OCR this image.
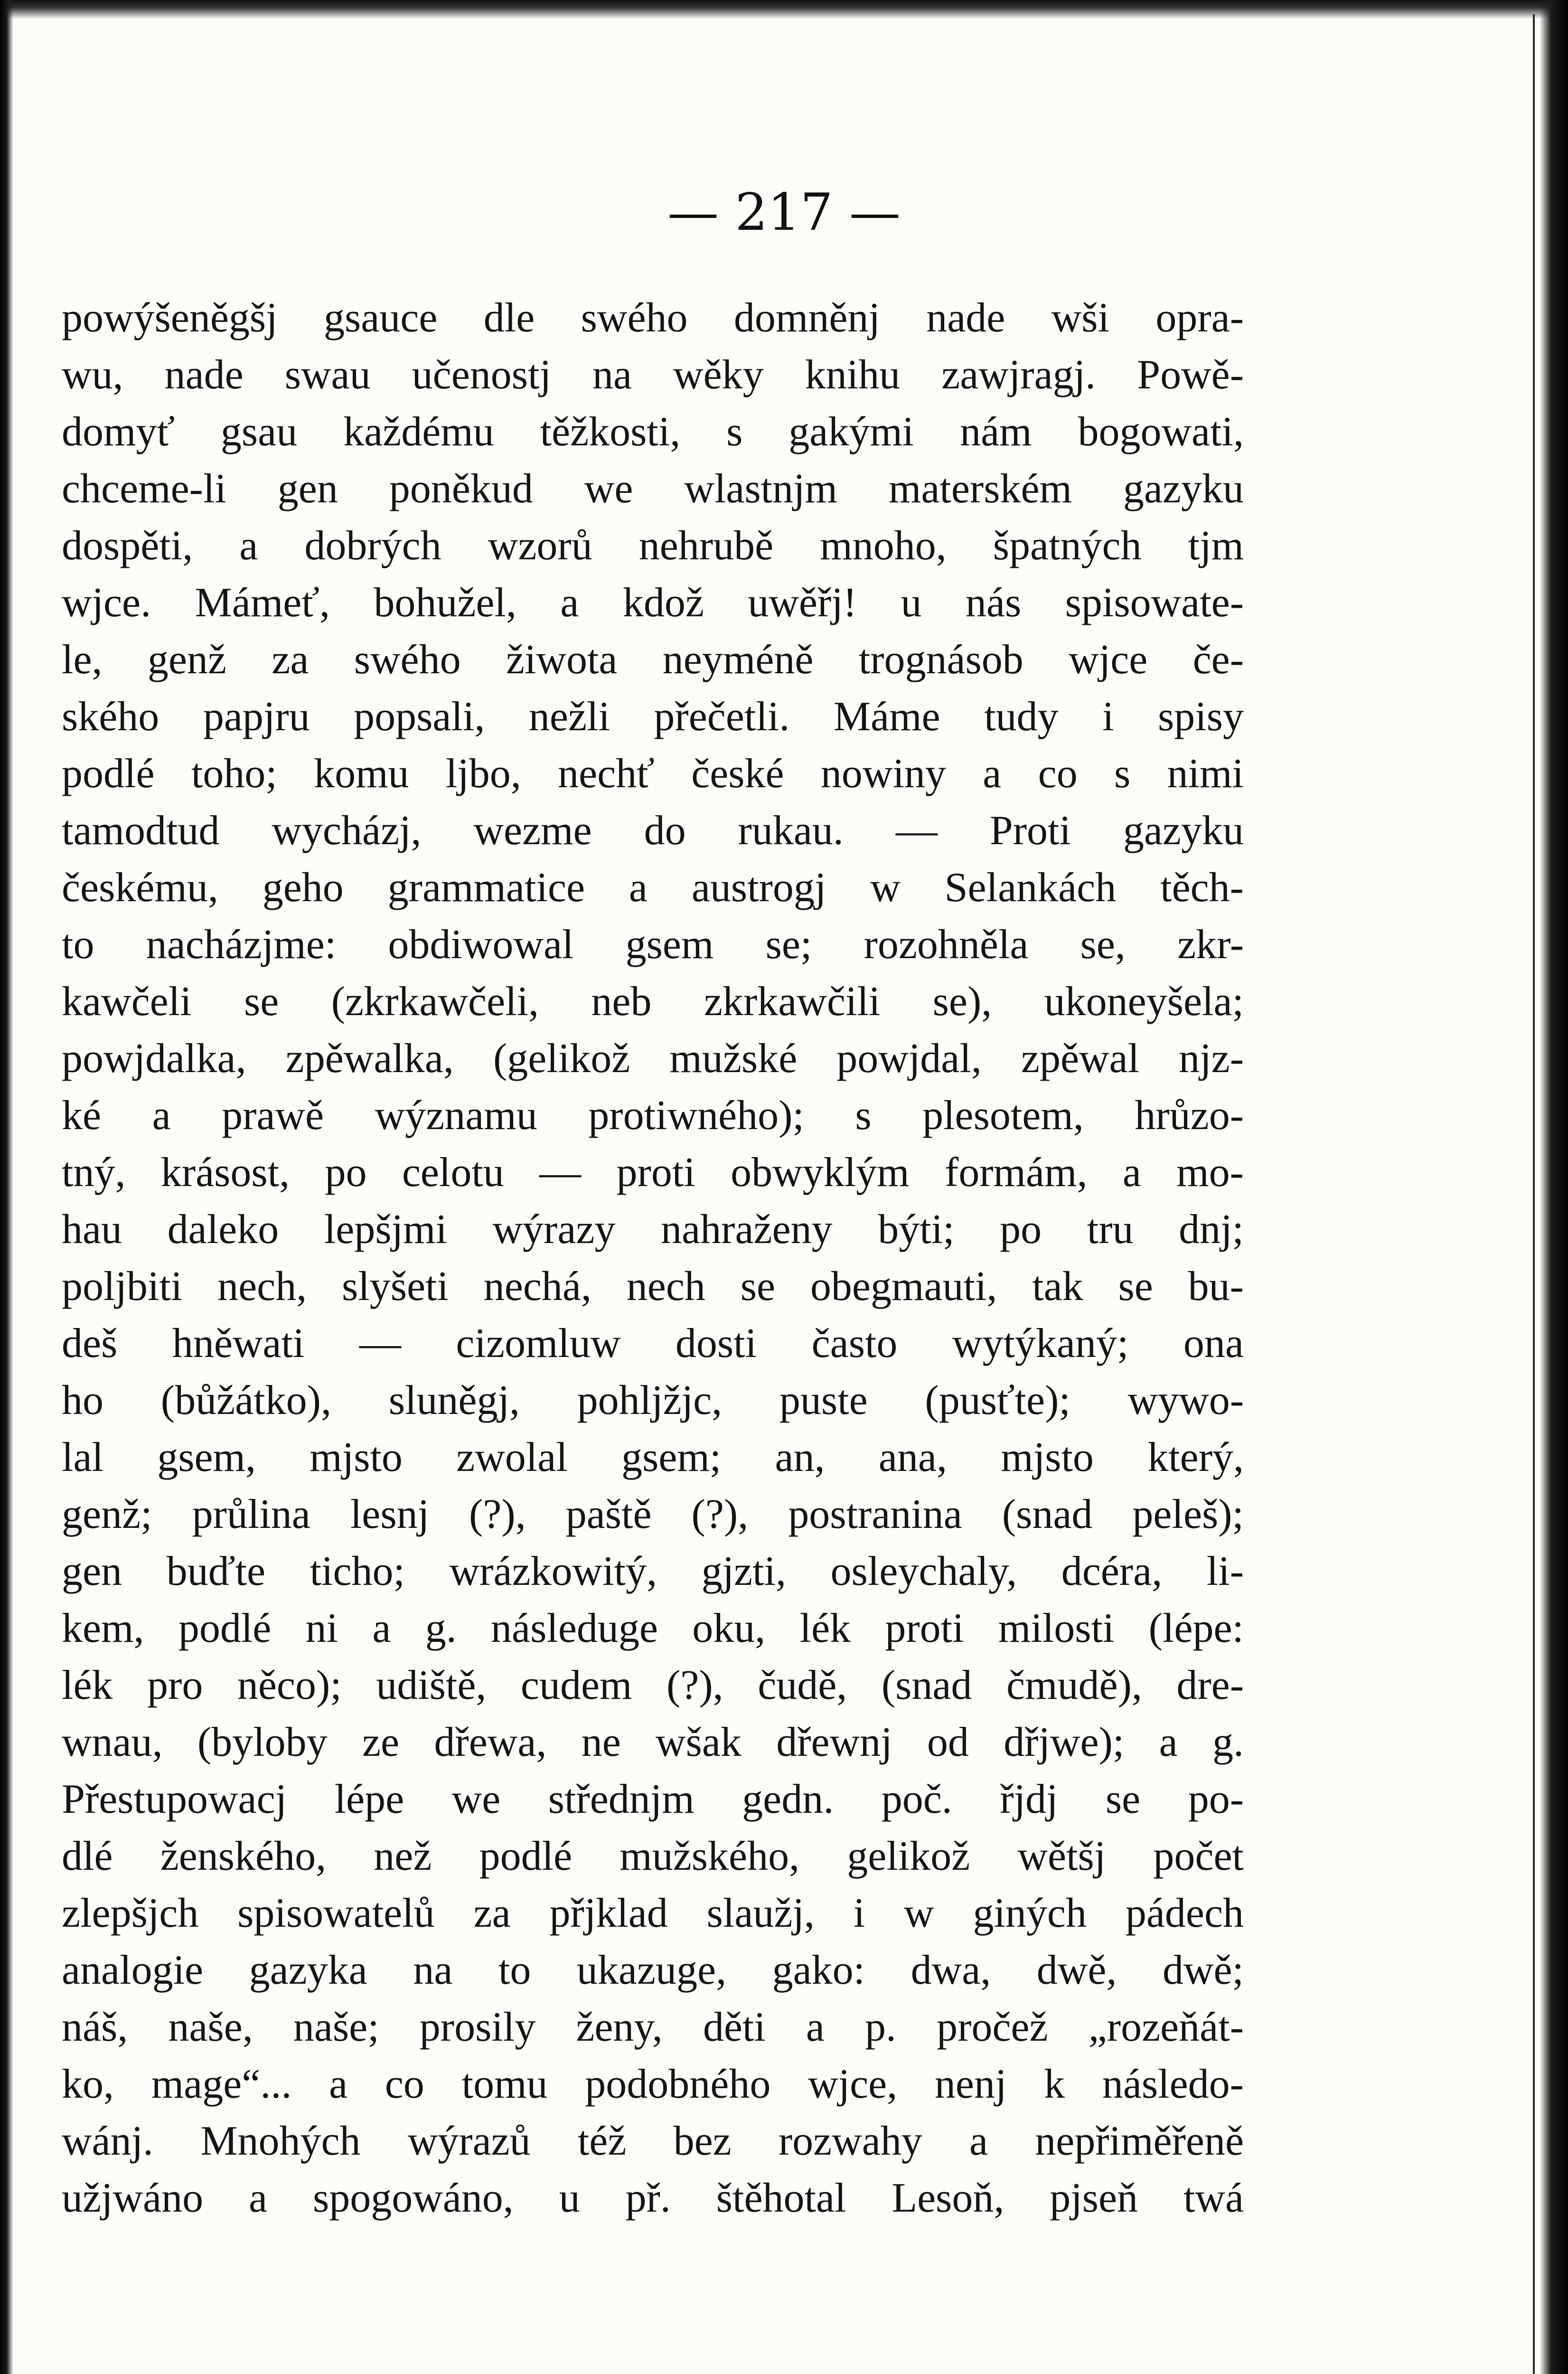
— 217 —
powýšeněgšj gsauce dle swého domněnj nade wši opra-
wu, nade swau učenostj na wěky knihu zawjragj. Powě-
domyť gsau každému těžkosti, s gakými nám bogowati,
chceme-li gen poněkud we wlastnjm materském gazyku
dospěti, a dobrých wzorů nehrubě mnoho, špatných tjm
wjce. Mámeť, bohužel, a kdož uwěřj! u nás spisowate-
le, genž za swého žiwota neyméně trognásob wjce če-
ského papjru popsali, nežli přečetli. Máme tudy i spisy
podlé toho; komu ljbo, nechť české nowiny a co s nimi
tamodtud wycházj, wezme do rukau. — Proti gazyku
českému, geho grammatice a austrogj w Selankách těch-
to nacházjme: obdiwowal gsem se; rozohněla se, zkr-
kawčeli se (zkrkawčeli, neb zkrkawčili se), ukoneyšela;
powjdalka, zpěwalka, (gelikož mužské powjdal, zpěwal njz-
ké a prawě wýznamu protiwného); s plesotem, hrůzo-
tný, krásost, po celotu — proti obwyklým formám, a mo-
hau daleko lepšjmi wýrazy nahraženy býti; po tru dnj;
poljbiti nech, slyšeti nechá, nech se obegmauti, tak se bu-
deš hněwati — cizomluw dosti často wytýkaný; ona
ho (bůžátko), sluněgj, pohljžjc, puste (pusťte); wywo-
lal gsem, mjsto zwolal gsem; an, ana, mjsto který,
genž; průlina lesnj (?), paště (?), postranina (snad peleš);
gen buďte ticho; wrázkowitý, gjzti, osleychaly, dcéra, li-
kem, podlé ni a g. následuge oku, lék proti milosti (lépe:
lék pro něco); udiště, cudem (?), čudě, (snad čmudě), dre-
wnau, (byloby ze dřewa, ne wšak dřewnj od dřjwe); a g.
Přestupowacj lépe we střednjm gedn. poč. řjdj se po-
dlé ženského, než podlé mužského, gelikož wětšj počet
zlepšjch spisowatelů za přjklad slaužj, i w giných pádech
analogie gazyka na to ukazuge, gako: dwa, dwě, dwě;
náš, naše, naše; prosily ženy, děti a p. pročež „rozeňát-
ko, mage“... a co tomu podobného wjce, nenj k následo-
wánj. Mnohých wýrazů též bez rozwahy a nepřiměřeně
užjwáno a spogowáno, u př. štěhotal Lesoň, pjseň twá
